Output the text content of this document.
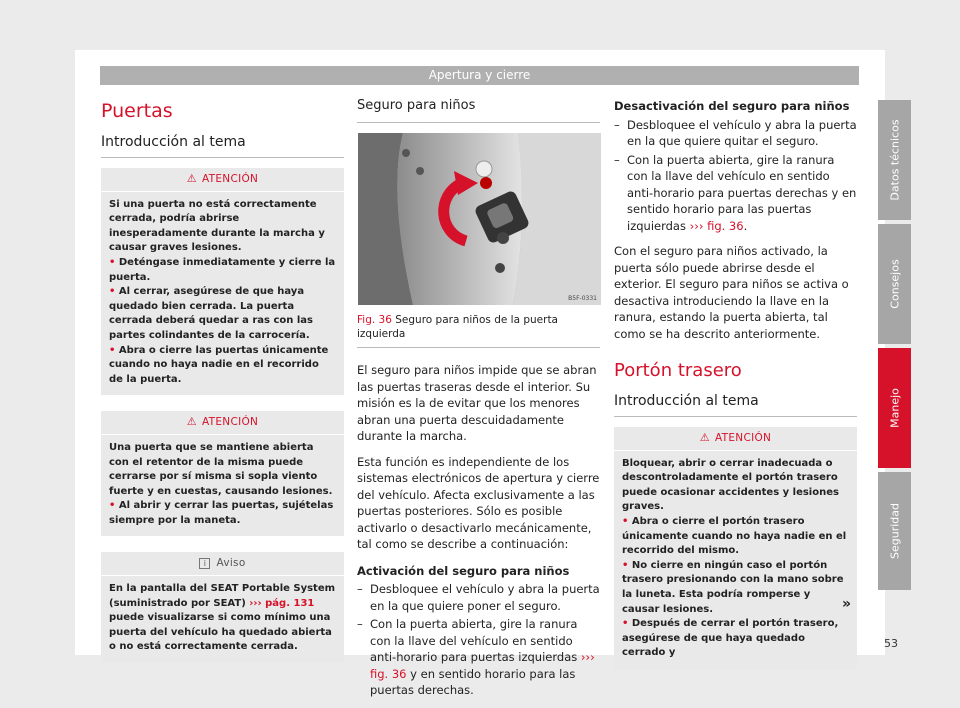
Apertura y cierre
Puertas
Introducción al tema
⚠ ATENCIÓN
Si una puerta no está correctamente cerrada, podría abrirse inesperadamente durante la marcha y causar graves lesiones.
• Deténgase inmediatamente y cierre la puerta.
• Al cerrar, asegúrese de que haya quedado bien cerrada. La puerta cerrada deberá quedar a ras con las partes colindantes de la carrocería.
• Abra o cierre las puertas únicamente cuando no haya nadie en el recorrido de la puerta.
⚠ ATENCIÓN
Una puerta que se mantiene abierta con el retentor de la misma puede cerrarse por sí misma si sopla viento fuerte y en cuestas, causando lesiones.
• Al abrir y cerrar las puertas, sujételas siempre por la maneta.
i Aviso
En la pantalla del SEAT Portable System (suministrado por SEAT) ››› pág. 131 puede visualizarse si como mínimo una puerta del vehículo ha quedado abierta o no está correctamente cerrada.
Seguro para niños
B5F-0331
Fig. 36 Seguro para niños de la puerta izquierda

El seguro para niños impide que se abran las puertas traseras desde el interior. Su misión es la de evitar que los menores abran una puerta descuidadamente durante la marcha.

Esta función es independiente de los sistemas electrónicos de apertura y cierre del vehículo. Afecta exclusivamente a las puertas posteriores. Sólo es posible activarlo o desactivarlo mecánicamente, tal como se describe a continuación:

Activación del seguro para niños
– Desbloquee el vehículo y abra la puerta en la que quiere poner el seguro.
– Con la puerta abierta, gire la ranura con la llave del vehículo en sentido anti-horario para puertas izquierdas ››› fig. 36 y en sentido horario para las puertas derechas.
Desactivación del seguro para niños
– Desbloquee el vehículo y abra la puerta en la que quiere quitar el seguro.
– Con la puerta abierta, gire la ranura con la llave del vehículo en sentido anti-horario para puertas derechas y en sentido horario para las puertas izquierdas ››› fig. 36.

Con el seguro para niños activado, la puerta sólo puede abrirse desde el exterior. El seguro para niños se activa o desactiva introduciendo la llave en la ranura, estando la puerta abierta, tal como se ha descrito anteriormente.

Portón trasero
Introducción al tema
⚠ ATENCIÓN
Bloquear, abrir o cerrar inadecuada o descontroladamente el portón trasero puede ocasionar accidentes y lesiones graves.
• Abra o cierre el portón trasero únicamente cuando no haya nadie en el recorrido del mismo.
• No cierre en ningún caso el portón trasero presionando con la mano sobre la luneta. Esta podría romperse y causar lesiones.
• Después de cerrar el portón trasero, asegúrese de que haya quedado cerrado y
»
Datos técnicos
Consejos
Manejo
Seguridad
53
